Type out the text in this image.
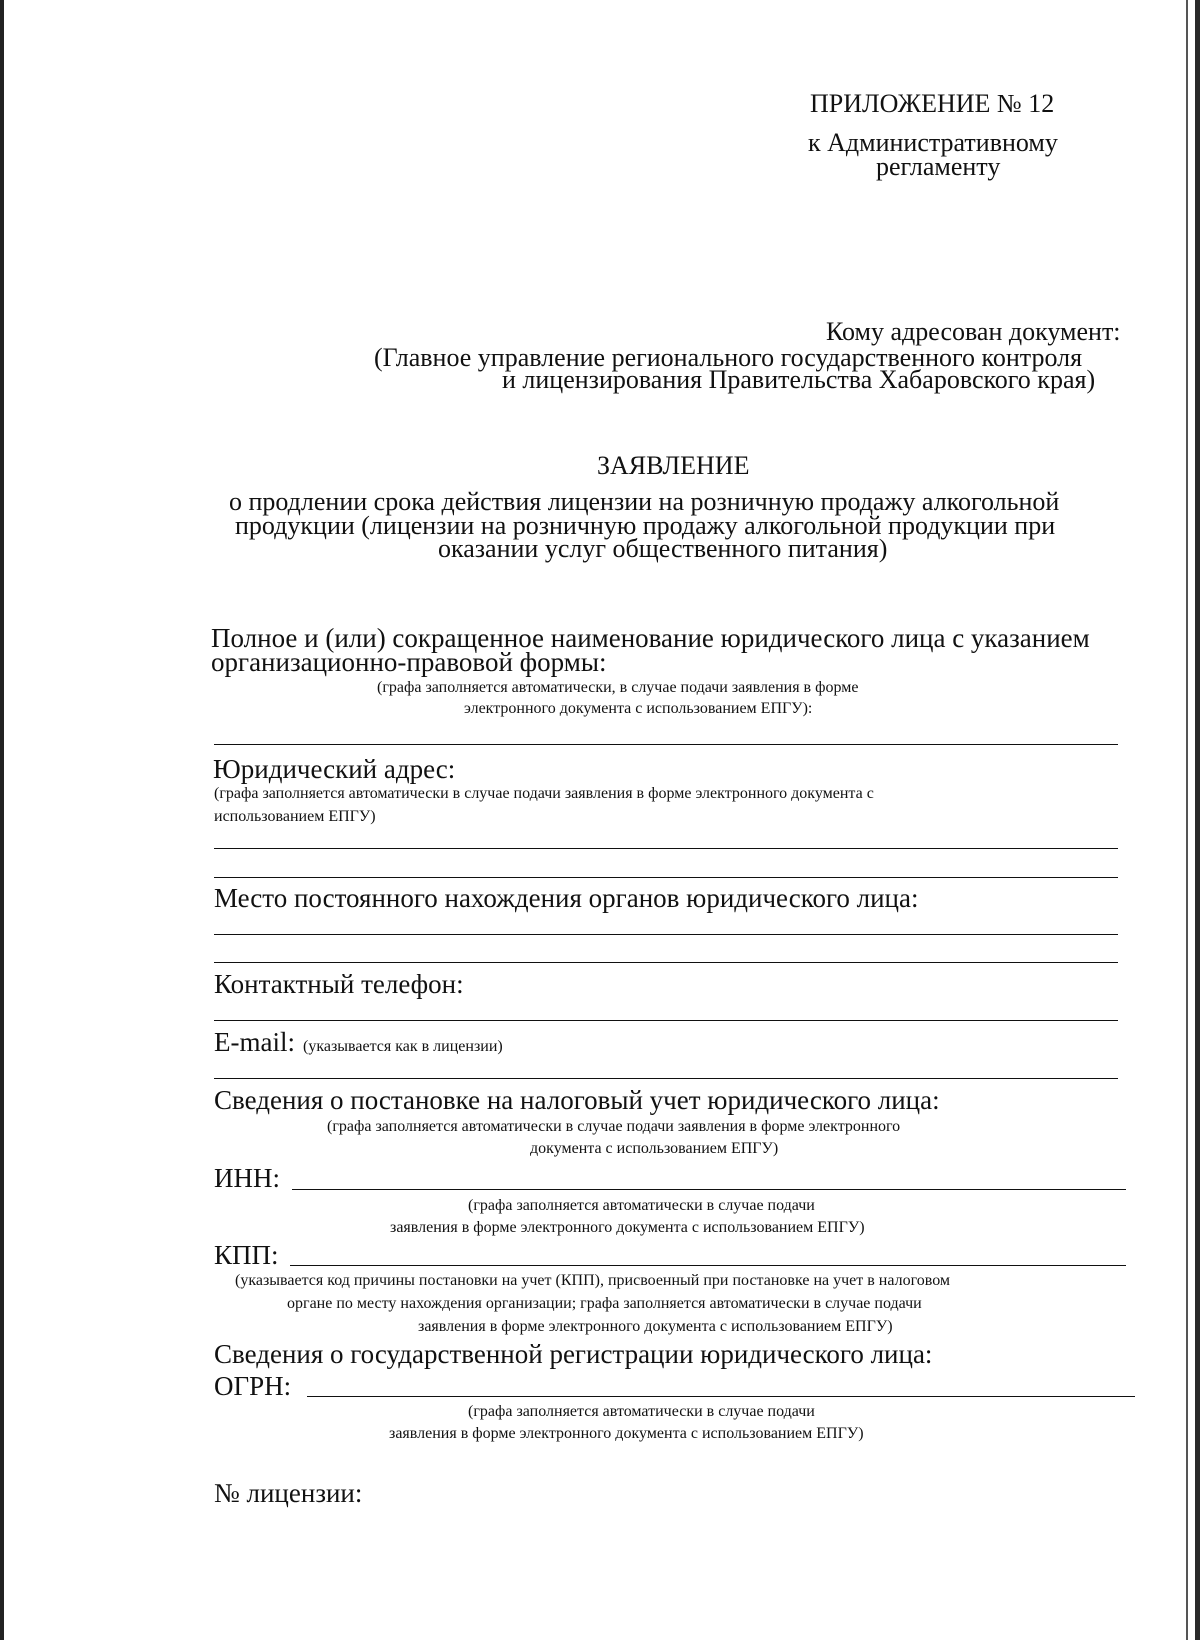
ПРИЛОЖЕНИЕ № 12
к Административному
регламенту
Кому адресован документ:
(Главное управление регионального государственного контроля
и лицензирования Правительства Хабаровского края)
ЗАЯВЛЕНИЕ
о продлении срока действия лицензии на розничную продажу алкогольной
продукции (лицензии на розничную продажу алкогольной продукции при
оказании услуг общественного питания)
Полное и (или) сокращенное наименование юридического лица с указанием
организационно-правовой формы:
(графа заполняется автоматически, в случае подачи заявления в форме
электронного документа с использованием ЕПГУ):
Юридический адрес:
(графа заполняется автоматически в случае подачи заявления в форме электронного документа с
использованием ЕПГУ)
Место постоянного нахождения органов юридического лица:
Контактный телефон:
E-mail: (указывается как в лицензии)
Сведения о постановке на налоговый учет юридического лица:
(графа заполняется автоматически в случае подачи заявления в форме электронного
документа с использованием ЕПГУ)
ИНН:
(графа заполняется автоматически в случае подачи
заявления в форме электронного документа с использованием ЕПГУ)
КПП:
(указывается код причины постановки на учет (КПП), присвоенный при постановке на учет в налоговом
органе по месту нахождения организации; графа заполняется автоматически в случае подачи
заявления в форме электронного документа с использованием ЕПГУ)
Сведения о государственной регистрации юридического лица:
ОГРН:
(графа заполняется автоматически в случае подачи
заявления в форме электронного документа с использованием ЕПГУ)
№ лицензии:
